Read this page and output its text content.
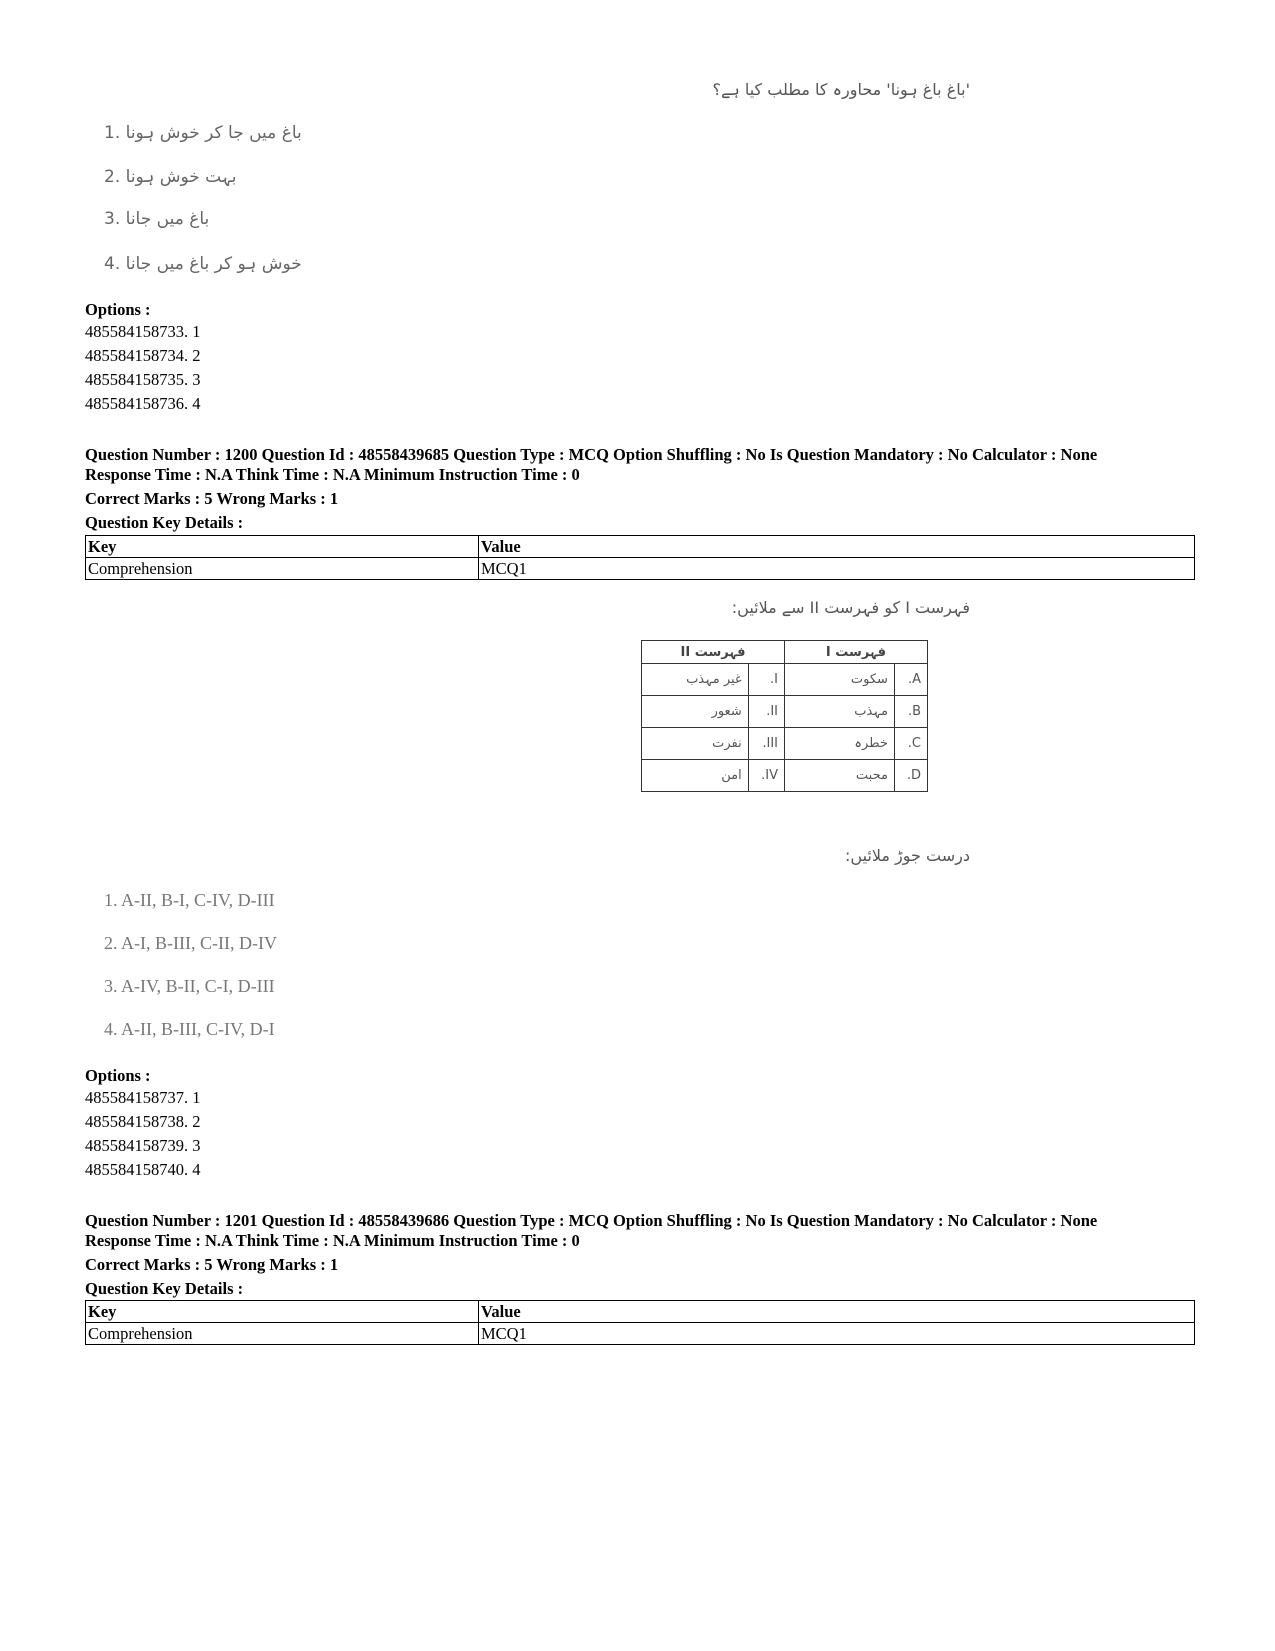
'باغ باغ ہونا' محاورہ کا مطلب کیا ہے؟
باغ میں جا کر خوش ہونا .1
بہت خوش ہونا .2
باغ میں جانا .3
خوش ہو کر باغ میں جانا .4
Options :
485584158733. 1
485584158734. 2
485584158735. 3
485584158736. 4
Question Number : 1200 Question Id : 48558439685 Question Type : MCQ Option Shuffling : No Is Question Mandatory : No Calculator : None
Response Time : N.A Think Time : N.A Minimum Instruction Time : 0
Correct Marks : 5 Wrong Marks : 1
Question Key Details :
Key	Value
Comprehension	MCQ1
فہرست I کو فہرست II سے ملائیں:
فہرست I		فہرست II	
A.	سکوت	I.	غیر مہذب
B.	مہذب	II.	شعور
C.	خطرہ	III.	نفرت
D.	محبت	IV.	امن
درست جوڑ ملائیں:
1. A-II, B-I, C-IV, D-III
2. A-I, B-III, C-II, D-IV
3. A-IV, B-II, C-I, D-III
4. A-II, B-III, C-IV, D-I
Options :
485584158737. 1
485584158738. 2
485584158739. 3
485584158740. 4
Question Number : 1201 Question Id : 48558439686 Question Type : MCQ Option Shuffling : No Is Question Mandatory : No Calculator : None
Response Time : N.A Think Time : N.A Minimum Instruction Time : 0
Correct Marks : 5 Wrong Marks : 1
Question Key Details :
Key	Value
Comprehension	MCQ1
